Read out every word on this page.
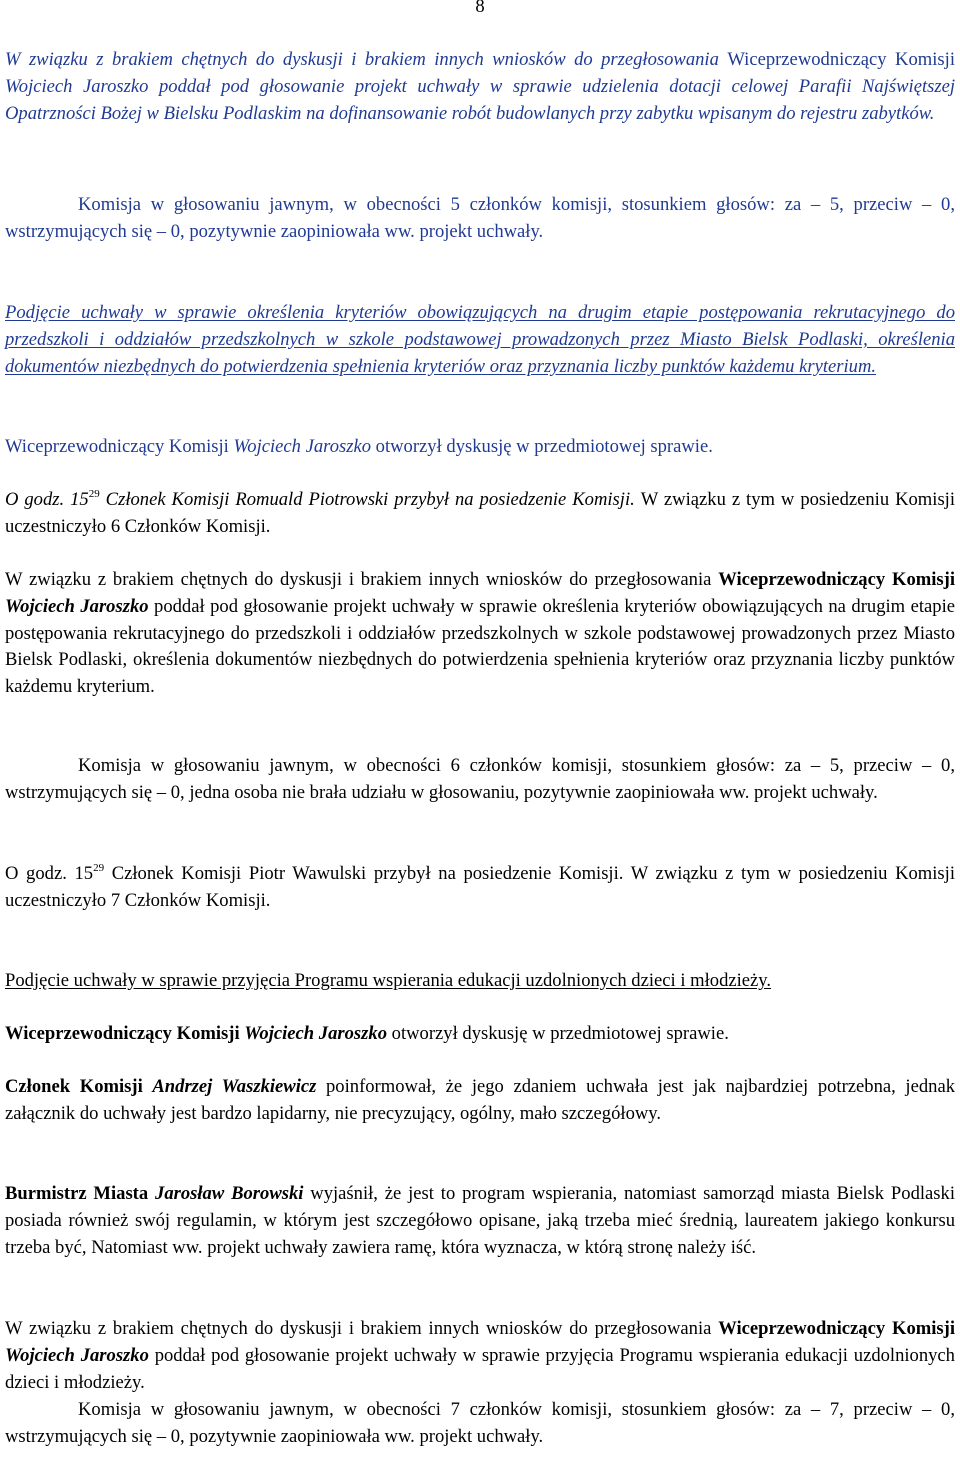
8

W związku z brakiem chętnych do dyskusji i brakiem innych wniosków do przegłosowania Wiceprzewodniczący Komisji Wojciech Jaroszko poddał pod głosowanie projekt uchwały w sprawie udzielenia dotacji celowej Parafii Najświętszej Opatrzności Bożej w Bielsku Podlaskim na dofinansowanie robót budowlanych przy zabytku wpisanym do rejestru zabytków.

Komisja w głosowaniu jawnym, w obecności 5 członków komisji, stosunkiem głosów: za – 5, przeciw – 0, wstrzymujących się – 0, pozytywnie zaopiniowała ww. projekt uchwały.

Podjęcie uchwały w sprawie określenia kryteriów obowiązujących na drugim etapie postępowania rekrutacyjnego do przedszkoli i oddziałów przedszkolnych w szkole podstawowej prowadzonych przez Miasto Bielsk Podlaski, określenia dokumentów niezbędnych do potwierdzenia spełnienia kryteriów oraz przyznania liczby punktów każdemu kryterium.

Wiceprzewodniczący Komisji Wojciech Jaroszko otworzył dyskusję w przedmiotowej sprawie.

O godz. $15^{29}$ Członek Komisji Romuald Piotrowski przybył na posiedzenie Komisji. W związku z tym w posiedzeniu Komisji uczestniczyło 6 Członków Komisji.

W związku z brakiem chętnych do dyskusji i brakiem innych wniosków do przegłosowania Wiceprzewodniczący Komisji Wojciech Jaroszko poddał pod głosowanie projekt uchwały w sprawie określenia kryteriów obowiązujących na drugim etapie postępowania rekrutacyjnego do przedszkoli i oddziałów przedszkolnych w szkole podstawowej prowadzonych przez Miasto Bielsk Podlaski, określenia dokumentów niezbędnych do potwierdzenia spełnienia kryteriów oraz przyznania liczby punktów każdemu kryterium.

Komisja w głosowaniu jawnym, w obecności 6 członków komisji, stosunkiem głosów: za – 5, przeciw – 0, wstrzymujących się – 0, jedna osoba nie brała udziału w głosowaniu, pozytywnie zaopiniowała ww. projekt uchwały.

O godz. $15^{29}$ Członek Komisji Piotr Wawulski przybył na posiedzenie Komisji. W związku z tym w posiedzeniu Komisji uczestniczyło 7 Członków Komisji.

Podjęcie uchwały w sprawie przyjęcia Programu wspierania edukacji uzdolnionych dzieci i młodzieży.

Wiceprzewodniczący Komisji Wojciech Jaroszko otworzył dyskusję w przedmiotowej sprawie.

Członek Komisji Andrzej Waszkiewicz poinformował, że jego zdaniem uchwała jest jak najbardziej potrzebna, jednak załącznik do uchwały jest bardzo lapidarny, nie precyzujący, ogólny, mało szczegółowy.

Burmistrz Miasta Jarosław Borowski wyjaśnił, że jest to program wspierania, natomiast samorząd miasta Bielsk Podlaski posiada również swój regulamin, w którym jest szczegółowo opisane, jaką trzeba mieć średnią, laureatem jakiego konkursu trzeba być, Natomiast ww. projekt uchwały zawiera ramę, która wyznacza, w którą stronę należy iść.

W związku z brakiem chętnych do dyskusji i brakiem innych wniosków do przegłosowania Wiceprzewodniczący Komisji Wojciech Jaroszko poddał pod głosowanie projekt uchwały w sprawie przyjęcia Programu wspierania edukacji uzdolnionych dzieci i młodzieży.

Komisja w głosowaniu jawnym, w obecności 7 członków komisji, stosunkiem głosów: za – 7, przeciw – 0, wstrzymujących się – 0, pozytywnie zaopiniowała ww. projekt uchwały.
